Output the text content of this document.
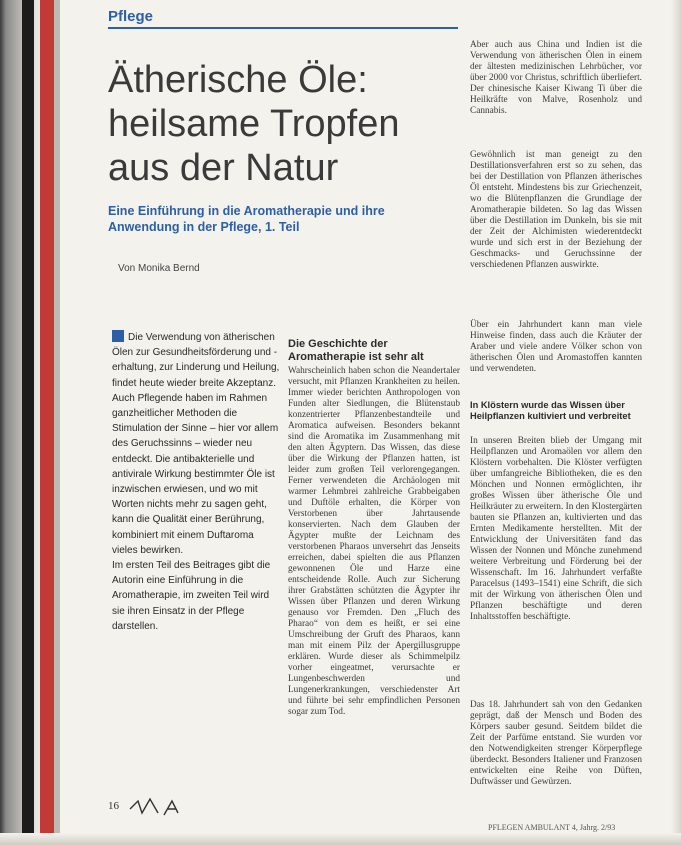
Pflege
Ätherische Öle: heilsame Tropfen aus der Natur

Eine Einführung in die Aromatherapie und ihre Anwendung in der Pflege, 1. Teil

Von Monika Bernd

Die Verwendung von ätherischen Ölen zur Gesundheitsförderung und -erhaltung, zur Linderung und Heilung, findet heute wieder breite Akzeptanz. Auch Pflegende haben im Rahmen ganzheitlicher Methoden die Stimulation der Sinne – hier vor allem des Geruchssinns – wieder neu entdeckt. Die antibakterielle und antivirale Wirkung bestimmter Öle ist inzwischen erwiesen, und wo mit Worten nichts mehr zu sagen geht, kann die Qualität einer Berührung, kombiniert mit einem Duftaroma vieles bewirken.

Im ersten Teil des Beitrages gibt die Autorin eine Einführung in die Aromatherapie, im zweiten Teil wird sie ihren Einsatz in der Pflege darstellen.

Die Geschichte der Aromatherapie ist sehr alt

Wahrscheinlich haben schon die Neandertaler versucht, mit Pflanzen Krankheiten zu heilen. Immer wieder berichten Anthropologen von Funden alter Siedlungen, die Blütenstaub konzentrierter Pflanzenbestandteile und Aromatica aufweisen. Besonders bekannt sind die Aromatika im Zusammenhang mit den alten Ägyptern. Das Wissen, das diese über die Wirkung der Pflanzen hatten, ist leider zum großen Teil verlorengegangen. Ferner verwendeten die Archäologen mit warmer Lehmbrei zahlreiche Grabbeigaben und Duftöle erhalten, die Körper von Verstorbenen über Jahrtausende konservierten. Nach dem Glauben der Ägypter mußte der Leichnam des verstorbenen Pharaos unversehrt das Jenseits erreichen, dabei spielten die aus Pflanzen gewonnenen Öle und Harze eine entscheidende Rolle. Auch zur Sicherung ihrer Grabstätten schützten die Ägypter ihr Wissen über Pflanzen und deren Wirkung genauso vor Fremden. Den „Fluch des Pharao“ von dem es heißt, er sei eine Umschreibung der Gruft des Pharaos, kann man mit einem Pilz der Apergillusgruppe erklären. Wurde dieser als Schimmelpilz vorher eingeatmet, verursachte er Lungenbeschwerden und Lungenerkrankungen, verschiedenster Art und führte bei sehr empfindlichen Personen sogar zum Tod.

Aber auch aus China und Indien ist die Verwendung von ätherischen Ölen in einem der ältesten medizinischen Lehrbücher, vor über 2000 vor Christus, schriftlich überliefert. Der chinesische Kaiser Kiwang Ti über die Heilkräfte von Malve, Rosenholz und Cannabis.

Gewöhnlich ist man geneigt zu den Destillationsverfahren erst so zu sehen, das bei der Destillation von Pflanzen ätherisches Öl entsteht. Mindestens bis zur Griechenzeit, wo die Blütenpflanzen die Grundlage der Aromatherapie bildeten. So lag das Wissen über die Destillation im Dunkeln, bis sie mit der Zeit der Alchimisten wiederentdeckt wurde und sich erst in der Beziehung der Geschmacks- und Geruchssinne der verschiedenen Pflanzen auswirkte.

Über ein Jahrhundert kann man viele Hinweise finden, dass auch die Kräuter der Araber und viele andere Völker schon von ätherischen Ölen und Aromastoffen kannten und verwendeten.

In Klöstern wurde das Wissen über Heilpflanzen kultiviert und verbreitet

In unseren Breiten blieb der Umgang mit Heilpflanzen und Aromaölen vor allem den Klöstern vorbehalten. Die Klöster verfügten über umfangreiche Bibliotheken, die es den Mönchen und Nonnen ermöglichten, ihr großes Wissen über ätherische Öle und Heilkräuter zu erweitern. In den Klostergärten bauten sie Pflanzen an, kultivierten und das Ernten Medikamente herstellten. Mit der Entwicklung der Universitäten fand das Wissen der Nonnen und Mönche zunehmend weitere Verbreitung und Förderung bei der Wissenschaft. Im 16. Jahrhundert verfaßte Paracelsus (1493–1541) eine Schrift, die sich mit der Wirkung von ätherischen Ölen und Pflanzen beschäftigte und deren Inhaltsstoffen beschäftigte.

Das 18. Jahrhundert sah von den Gedanken geprägt, daß der Mensch und Boden des Körpers sauber gesund. Seitdem bildet die Zeit der Parfüme entstand. Sie wurden vor den Notwendigkeiten strenger Körperpflege überdeckt. Besonders Italiener und Franzosen entwickelten eine Reihe von Düften, Duftwässer und Gewürzen.

16
PFLEGEN AMBULANT 4, Jahrg. 2/93
